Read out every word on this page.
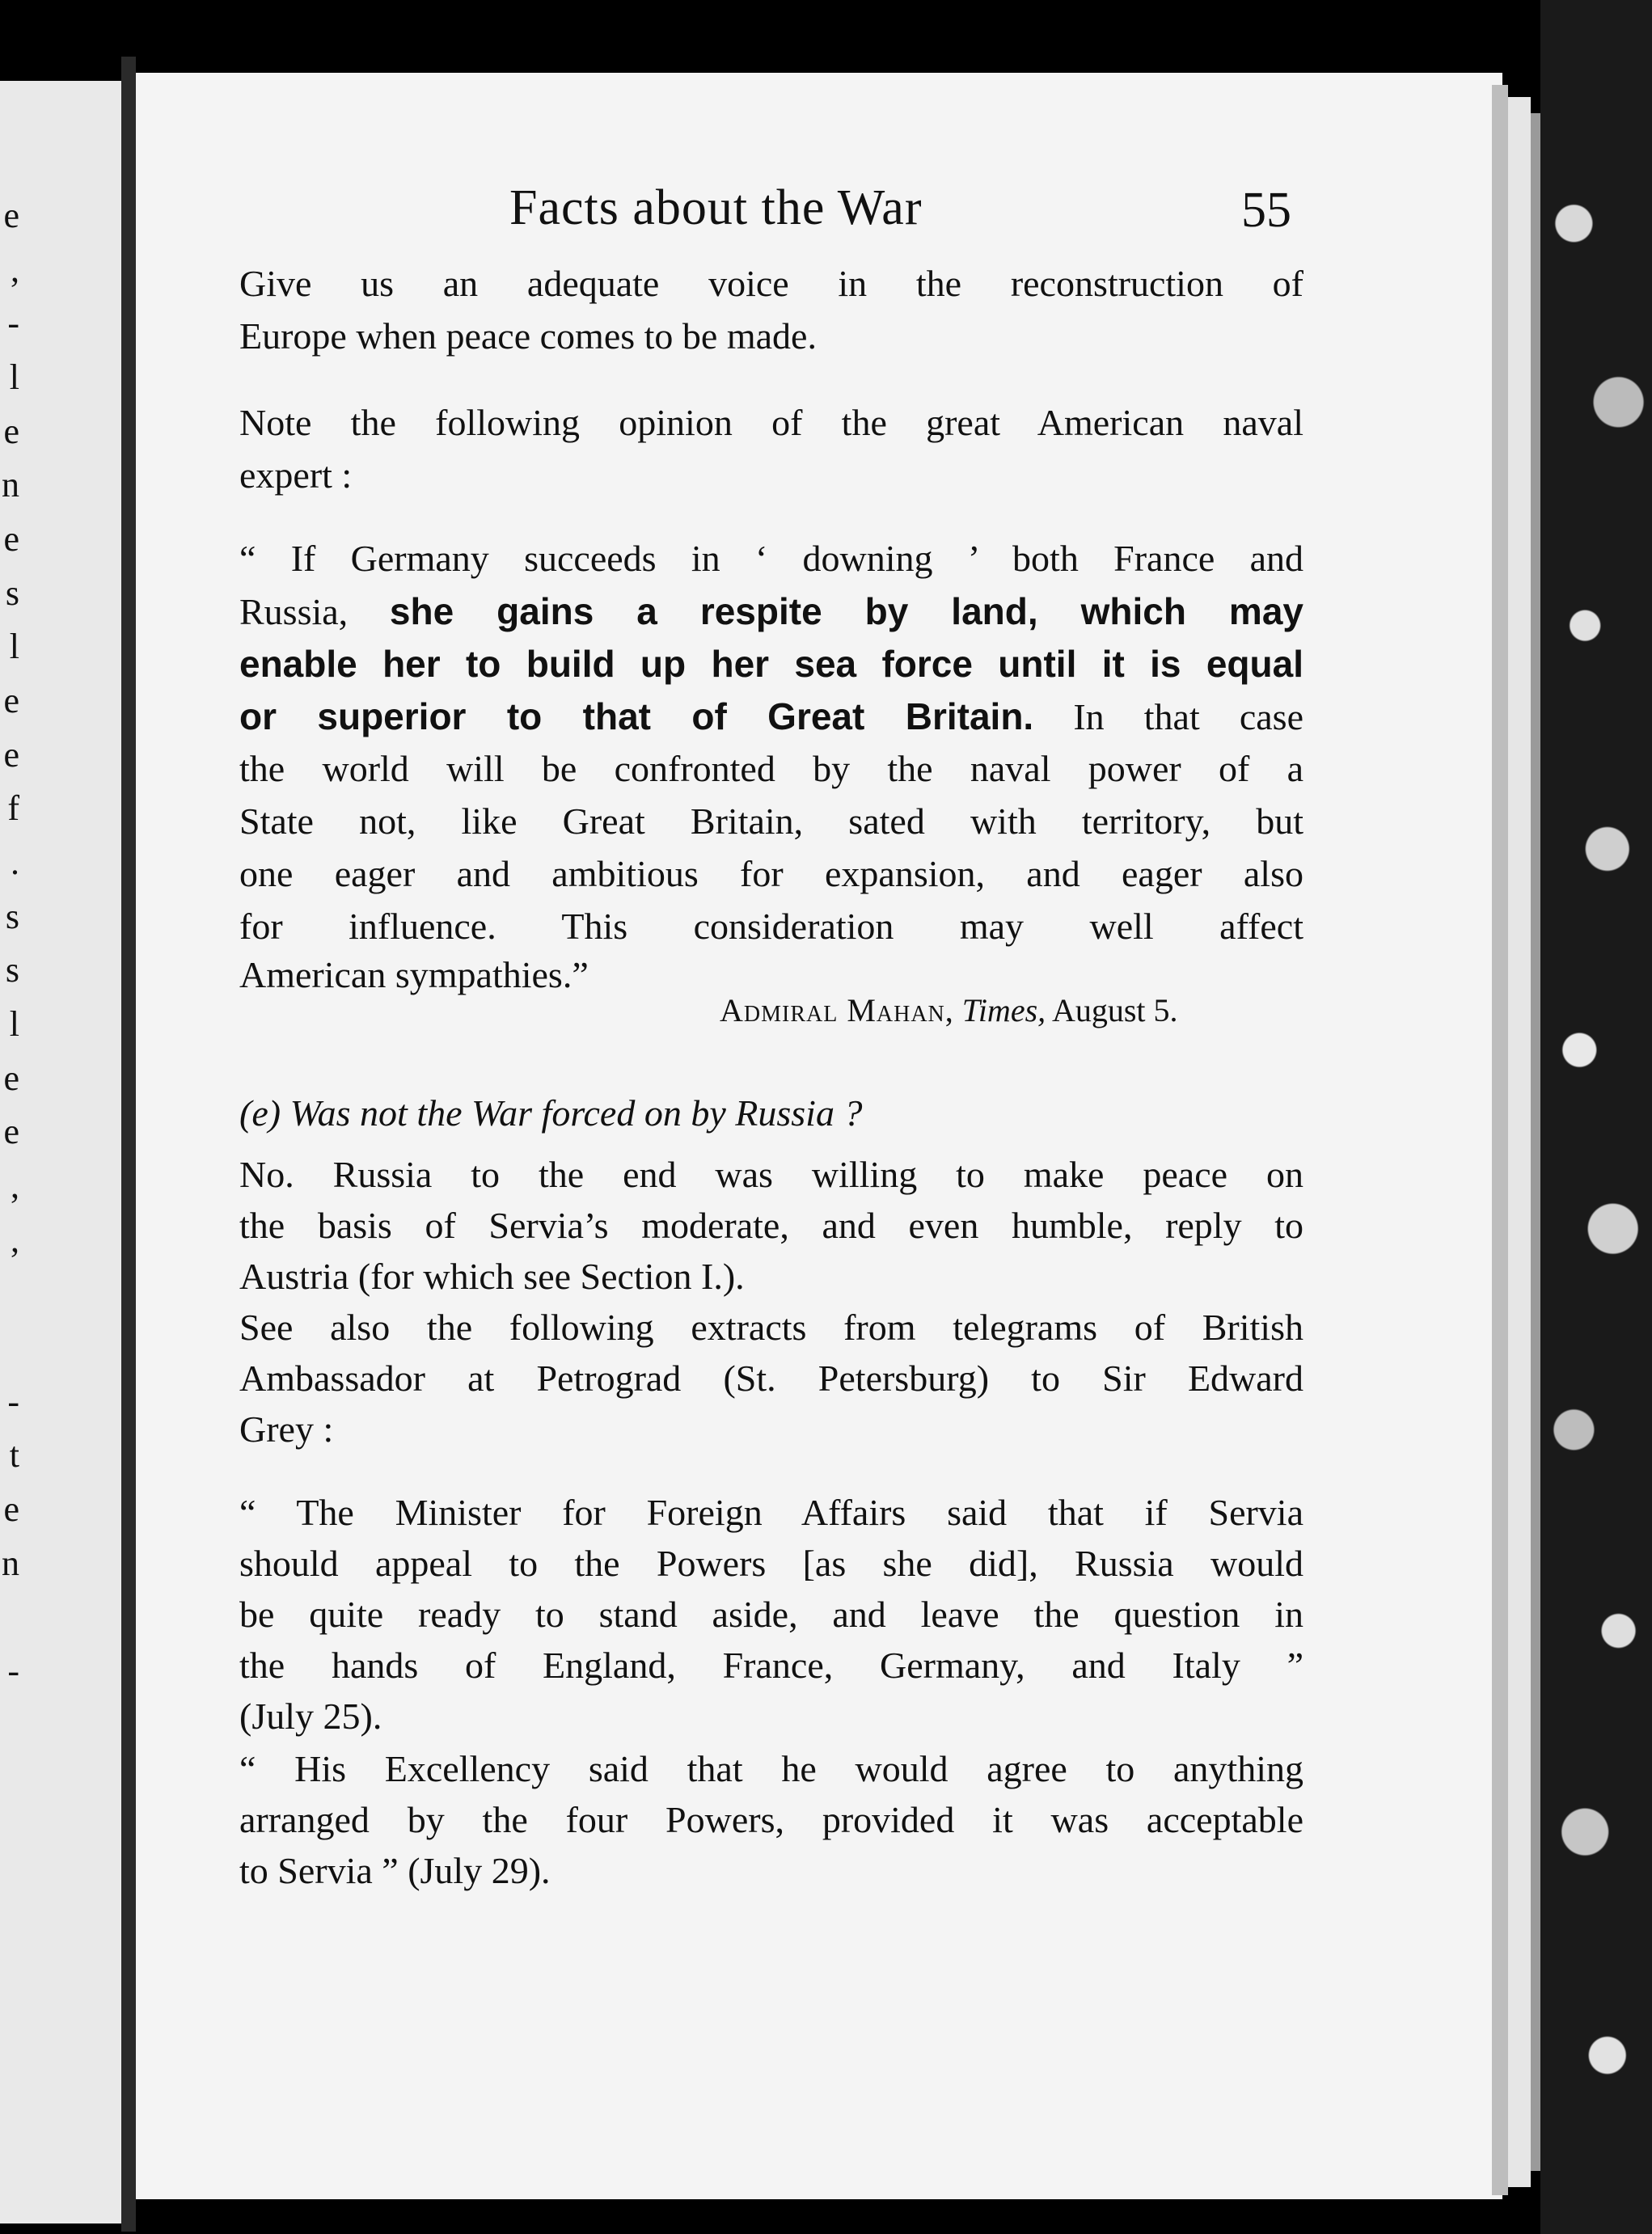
e
,
-
l
e
n
e
s
l
e
e
f
.
s
s
l
e
e
,
,
-
t
e
n
-
Facts about the War	55
Give us an adequate voice in the reconstruction of
Europe when peace comes to be made.
Note the following opinion of the great American naval
expert :
“ If Germany succeeds in ‘ downing ’ both France and
Russia, she gains a respite by land, which may
enable her to build up her sea force until it is equal
or superior to that of Great Britain. In that case
the world will be confronted by the naval power of a
State not, like Great Britain, sated with territory, but
one eager and ambitious for expansion, and eager also
for influence. This consideration may well affect
American sympathies.”
Admiral Mahan, Times, August 5.
(e) Was not the War forced on by Russia ?
No. Russia to the end was willing to make peace on
the basis of Servia’s moderate, and even humble, reply to
Austria (for which see Section I.).
See also the following extracts from telegrams of British
Ambassador at Petrograd (St. Petersburg) to Sir Edward
Grey :
“ The Minister for Foreign Affairs said that if Servia
should appeal to the Powers [as she did], Russia would
be quite ready to stand aside, and leave the question in
the hands of England, France, Germany, and Italy ”
(July 25).
“ His Excellency said that he would agree to anything
arranged by the four Powers, provided it was acceptable
to Servia ” (July 29).
